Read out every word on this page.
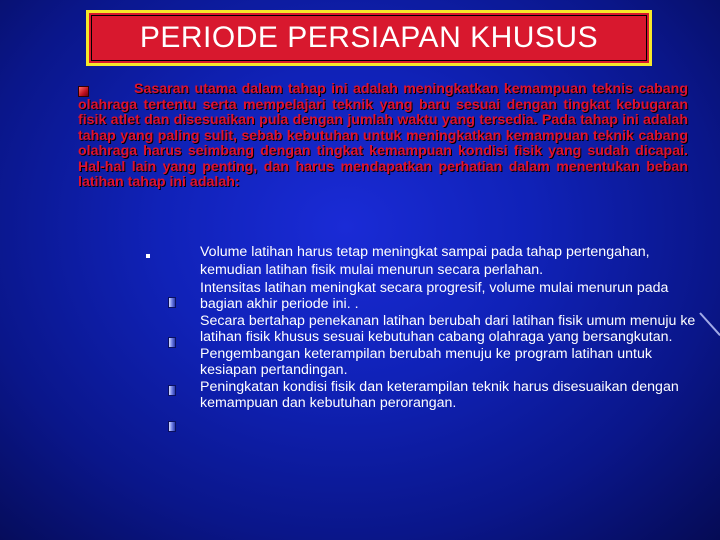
PERIODE PERSIAPAN KHUSUS
Sasaran utama dalam tahap ini adalah meningkatkan kemampuan teknis cabang olahraga tertentu serta mempelajari teknik yang baru sesuai dengan tingkat kebugaran fisik atlet dan disesuaikan pula dengan jumlah waktu yang tersedia. Pada tahap ini adalah tahap yang paling sulit, sebab kebutuhan untuk meningkatkan kemampuan teknik cabang olahraga harus seimbang dengan tingkat kemampuan kondisi fisik yang sudah dicapai. Hal-hal lain yang penting, dan harus mendapatkan perhatian dalam menentukan beban latihan tahap ini adalah:
Volume latihan harus tetap meningkat sampai pada tahap pertengahan, kemudian latihan fisik mulai menurun secara perlahan.
Intensitas latihan meningkat secara progresif, volume mulai menurun pada bagian akhir periode ini. .
Secara bertahap penekanan latihan berubah dari latihan fisik umum menuju ke latihan fisik khusus sesuai kebutuhan cabang olahraga yang bersangkutan.
Pengembangan keterampilan berubah menuju ke program latihan untuk kesiapan pertandingan.
Peningkatan kondisi fisik dan keterampilan teknik harus disesuaikan dengan kemampuan dan kebutuhan perorangan.
